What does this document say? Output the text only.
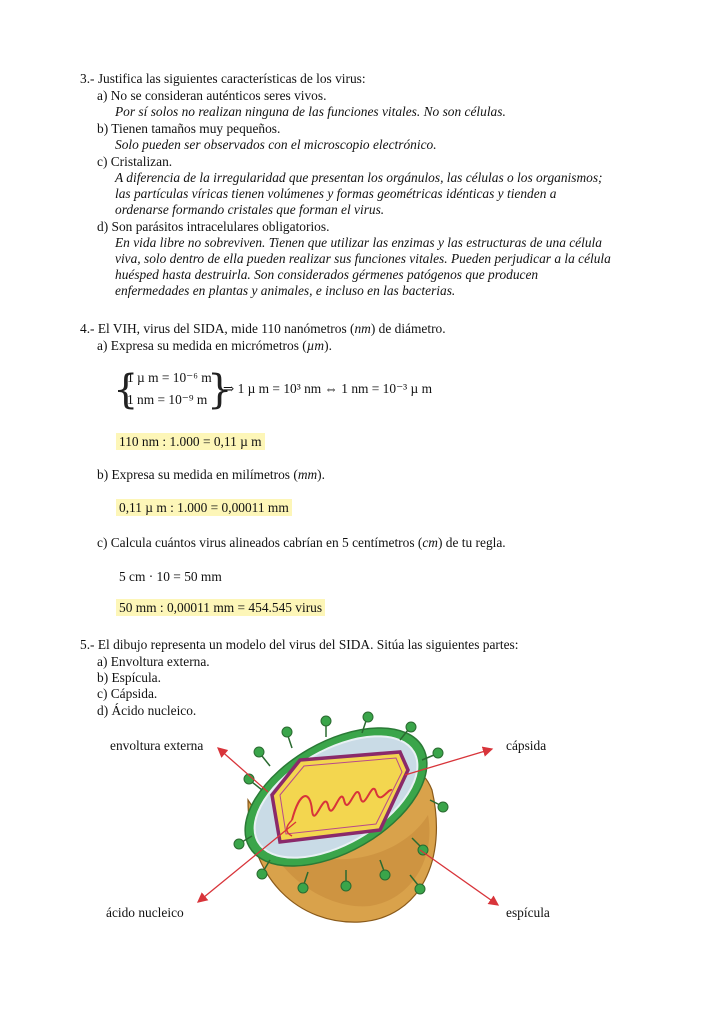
3.- Justifica las siguientes características de los virus:
a) No se consideran auténticos seres vivos.
Por sí solos no realizan ninguna de las funciones vitales. No son células.
b) Tienen tamaños muy pequeños.
Solo pueden ser observados con el microscopio electrónico.
c) Cristalizan.
A diferencia de la irregularidad que presentan los orgánulos, las células o los organismos;
las partículas víricas tienen volúmenes y formas geométricas idénticas y tienden a
ordenarse formando cristales que forman el virus.
d) Son parásitos intracelulares obligatorios.
En vida libre no sobreviven. Tienen que utilizar las enzimas y las estructuras de una célula
viva, solo dentro de ella pueden realizar sus funciones vitales. Pueden perjudicar a la célula
huésped hasta destruirla. Son considerados gérmenes patógenos que producen
enfermedades en plantas y animales, e incluso en las bacterias.
4.- El VIH, virus del SIDA, mide 110 nanómetros (nm) de diámetro.
a) Expresa su medida en micrómetros (µm).
{
1 µ m = 10⁻⁶ m
1 nm = 10⁻⁹ m }
⇒ 1 µ m = 10³ nm ⇔ 1 nm = 10⁻³ µ m
110 nm : 1.000 = 0,11 µ m
b) Expresa su medida en milímetros (mm).
0,11 µ m : 1.000 = 0,00011 mm
c) Calcula cuántos virus alineados cabrían en 5 centímetros (cm) de tu regla.
5 cm · 10 = 50 mm
50 mm : 0,00011 mm = 454.545 virus
5.- El dibujo representa un modelo del virus del SIDA. Sitúa las siguientes partes:
a) Envoltura externa.
b) Espícula.
c) Cápsida.
d) Ácido nucleico.
envoltura externa	cápsida
ácido nucleico	espícula
